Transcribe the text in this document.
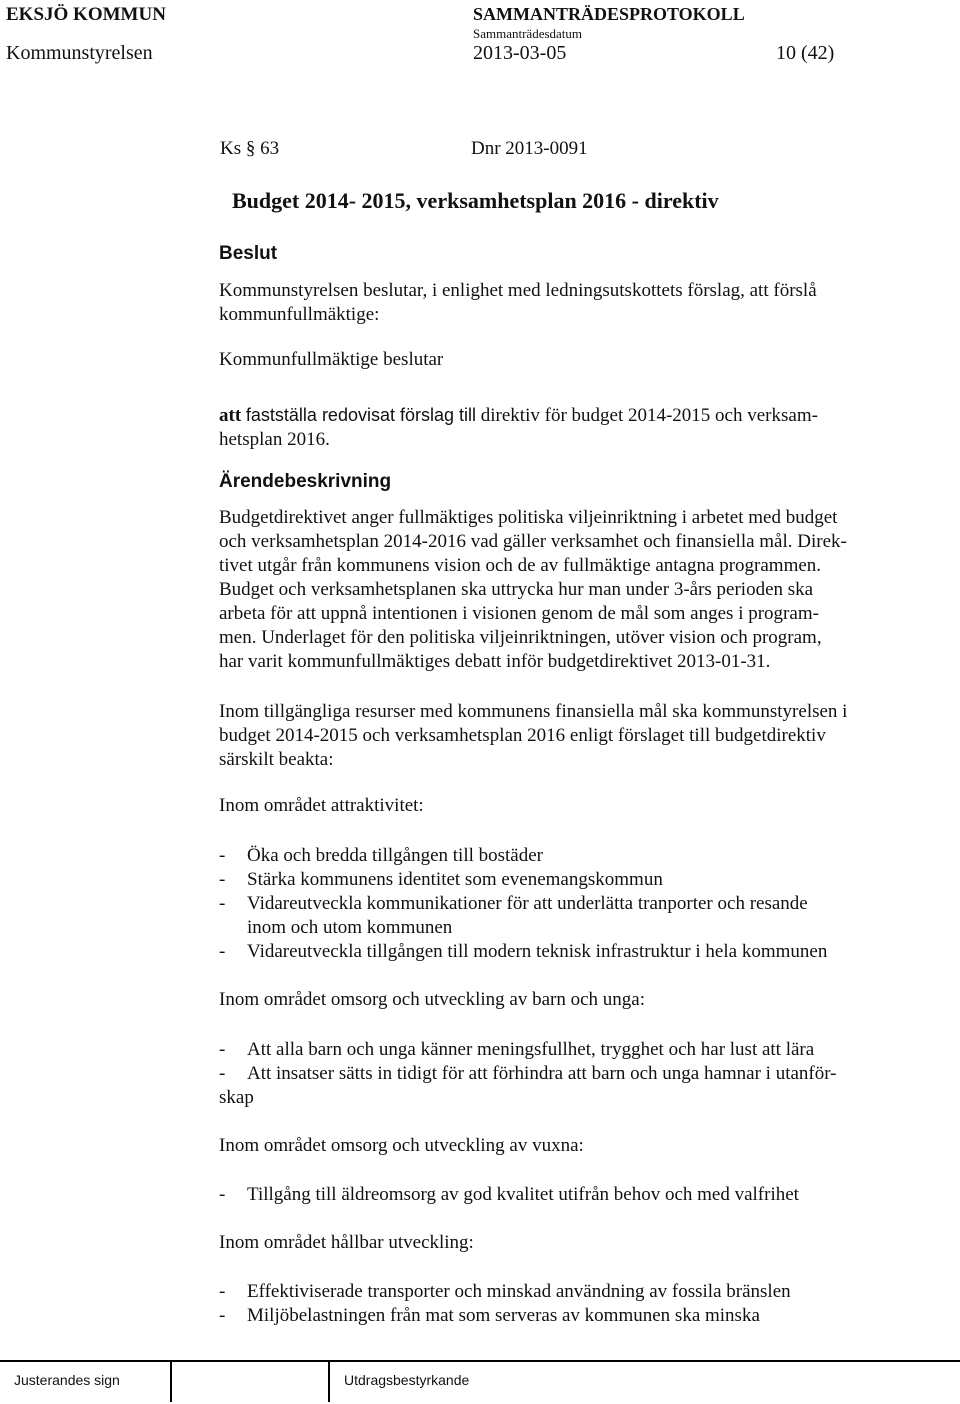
EKSJÖ KOMMUN	SAMMANTRÄDESPROTOKOLL
Sammanträdesdatum
Kommunstyrelsen	2013-03-05	10 (42)
Ks § 63	Dnr 2013-0091
Budget 2014- 2015, verksamhetsplan 2016 - direktiv
Beslut
Kommunstyrelsen beslutar, i enlighet med ledningsutskottets förslag, att förslå
kommunfullmäktige:
Kommunfullmäktige beslutar
att fastställa redovisat förslag till direktiv för budget 2014-2015 och verksam-
hetsplan 2016.
Ärendebeskrivning
Budgetdirektivet anger fullmäktiges politiska viljeinriktning i arbetet med budget
och verksamhetsplan 2014-2016 vad gäller verksamhet och finansiella mål. Direk-
tivet utgår från kommunens vision och de av fullmäktige antagna programmen.
Budget och verksamhetsplanen ska uttrycka hur man under 3-års perioden ska
arbeta för att uppnå intentionen i visionen genom de mål som anges i program-
men. Underlaget för den politiska viljeinriktningen, utöver vision och program,
har varit kommunfullmäktiges debatt inför budgetdirektivet 2013-01-31.
Inom tillgängliga resurser med kommunens finansiella mål ska kommunstyrelsen i
budget 2014-2015 och verksamhetsplan 2016 enligt förslaget till budgetdirektiv
särskilt beakta:
Inom området attraktivitet:
- Öka och bredda tillgången till bostäder
- Stärka kommunens identitet som evenemangskommun
- Vidareutveckla kommunikationer för att underlätta tranporter och resande
inom och utom kommunen
- Vidareutveckla tillgången till modern teknisk infrastruktur i hela kommunen
Inom området omsorg och utveckling av barn och unga:
- Att alla barn och unga känner meningsfullhet, trygghet och har lust att lära
- Att insatser sätts in tidigt för att förhindra att barn och unga hamnar i utanför-
skap
Inom området omsorg och utveckling av vuxna:
- Tillgång till äldreomsorg av god kvalitet utifrån behov och med valfrihet
Inom området hållbar utveckling:
- Effektiviserade transporter och minskad användning av fossila bränslen
- Miljöbelastningen från mat som serveras av kommunen ska minska
Justerandes sign	Utdragsbestyrkande
